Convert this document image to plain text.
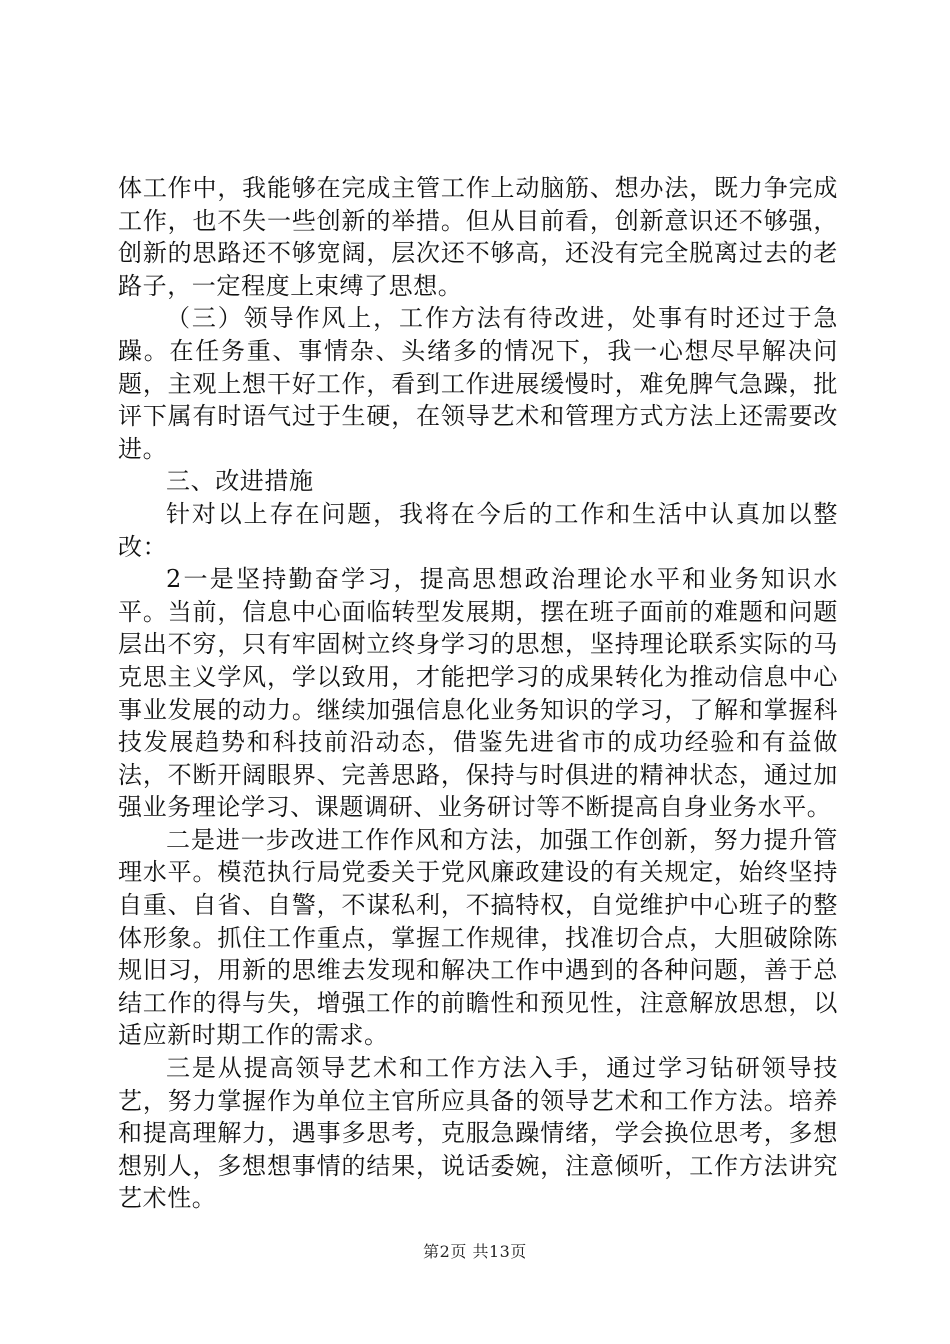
体工作中，我能够在完成主管工作上动脑筋、想办法，既力争完成工作，也不失一些创新的举措。但从目前看，创新意识还不够强，创新的思路还不够宽阔，层次还不够高，还没有完全脱离过去的老路子，一定程度上束缚了思想。

（三）领导作风上，工作方法有待改进，处事有时还过于急躁。在任务重、事情杂、头绪多的情况下，我一心想尽早解决问题，主观上想干好工作，看到工作进展缓慢时，难免脾气急躁，批评下属有时语气过于生硬，在领导艺术和管理方式方法上还需要改进。

三、改进措施

针对以上存在问题，我将在今后的工作和生活中认真加以整改：

2一是坚持勤奋学习，提高思想政治理论水平和业务知识水平。当前，信息中心面临转型发展期，摆在班子面前的难题和问题层出不穷，只有牢固树立终身学习的思想，坚持理论联系实际的马克思主义学风，学以致用，才能把学习的成果转化为推动信息中心事业发展的动力。继续加强信息化业务知识的学习，了解和掌握科技发展趋势和科技前沿动态，借鉴先进省市的成功经验和有益做法，不断开阔眼界、完善思路，保持与时俱进的精神状态，通过加强业务理论学习、课题调研、业务研讨等不断提高自身业务水平。

二是进一步改进工作作风和方法，加强工作创新，努力提升管理水平。模范执行局党委关于党风廉政建设的有关规定，始终坚持自重、自省、自警，不谋私利，不搞特权，自觉维护中心班子的整体形象。抓住工作重点，掌握工作规律，找准切合点，大胆破除陈规旧习，用新的思维去发现和解决工作中遇到的各种问题，善于总结工作的得与失，增强工作的前瞻性和预见性，注意解放思想，以适应新时期工作的需求。

三是从提高领导艺术和工作方法入手，通过学习钻研领导技艺，努力掌握作为单位主官所应具备的领导艺术和工作方法。培养和提高理解力，遇事多思考，克服急躁情绪，学会换位思考，多想想别人，多想想事情的结果，说话委婉，注意倾听，工作方法讲究艺术性。

第2页 共13页
